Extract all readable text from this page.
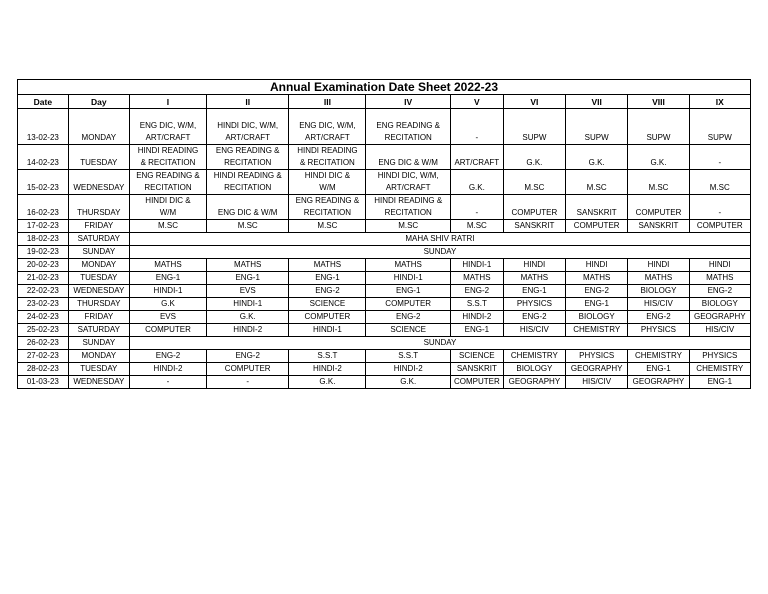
Annual Examination Date Sheet 2022-23										
Date	Day	I	II	III	IV	V	VI	VII	VIII	IX
13-02-23	MONDAY	ENG DIC, W/M,
ART/CRAFT	HINDI DIC, W/M,
ART/CRAFT	ENG DIC, W/M,
ART/CRAFT	ENG READING &
RECITATION	-	SUPW	SUPW	SUPW	SUPW

14-02-23	TUESDAY	HINDI READING
& RECITATION	ENG READING &
RECITATION	HINDI READING
& RECITATION	ENG DIC & W/M	ART/CRAFT	G.K.	G.K.	G.K.	-

15-02-23	WEDNESDAY	ENG READING &
RECITATION	HINDI READING &
RECITATION	HINDI DIC &
W/M	HINDI DIC, W/M,
ART/CRAFT	G.K.	M.SC	M.SC	M.SC	M.SC

16-02-23	THURSDAY	HINDI DIC &
W/M	ENG DIC & W/M	ENG READING &
RECITATION	HINDI READING &
RECITATION	-	COMPUTER	SANSKRIT	COMPUTER	-

17-02-23	FRIDAY	M.SC	M.SC	M.SC	M.SC	M.SC	SANSKRIT	COMPUTER	SANSKRIT	COMPUTER

18-02-23	SATURDAY	MAHA SHIV RATRI								
19-02-23	SUNDAY	SUNDAY								
20-02-23	MONDAY	MATHS	MATHS	MATHS	MATHS	HINDI-1	HINDI	HINDI	HINDI	HINDI

21-02-23	TUESDAY	ENG-1	ENG-1	ENG-1	HINDI-1	MATHS	MATHS	MATHS	MATHS	MATHS

22-02-23	WEDNESDAY	HINDI-1	EVS	ENG-2	ENG-1	ENG-2	ENG-1	ENG-2	BIOLOGY	ENG-2

23-02-23	THURSDAY	G.K	HINDI-1	SCIENCE	COMPUTER	S.S.T	PHYSICS	ENG-1	HIS/CIV	BIOLOGY

24-02-23	FRIDAY	EVS	G.K.	COMPUTER	ENG-2	HINDI-2	ENG-2	BIOLOGY	ENG-2	GEOGRAPHY

25-02-23	SATURDAY	COMPUTER	HINDI-2	HINDI-1	SCIENCE	ENG-1	HIS/CIV	CHEMISTRY	PHYSICS	HIS/CIV

26-02-23	SUNDAY	SUNDAY								
27-02-23	MONDAY	ENG-2	ENG-2	S.S.T	S.S.T	SCIENCE	CHEMISTRY	PHYSICS	CHEMISTRY	PHYSICS

28-02-23	TUESDAY	HINDI-2	COMPUTER	HINDI-2	HINDI-2	SANSKRIT	BIOLOGY	GEOGRAPHY	ENG-1	CHEMISTRY

01-03-23	WEDNESDAY	-	-	G.K.	G.K.	COMPUTER	GEOGRAPHY	HIS/CIV	GEOGRAPHY	ENG-1
